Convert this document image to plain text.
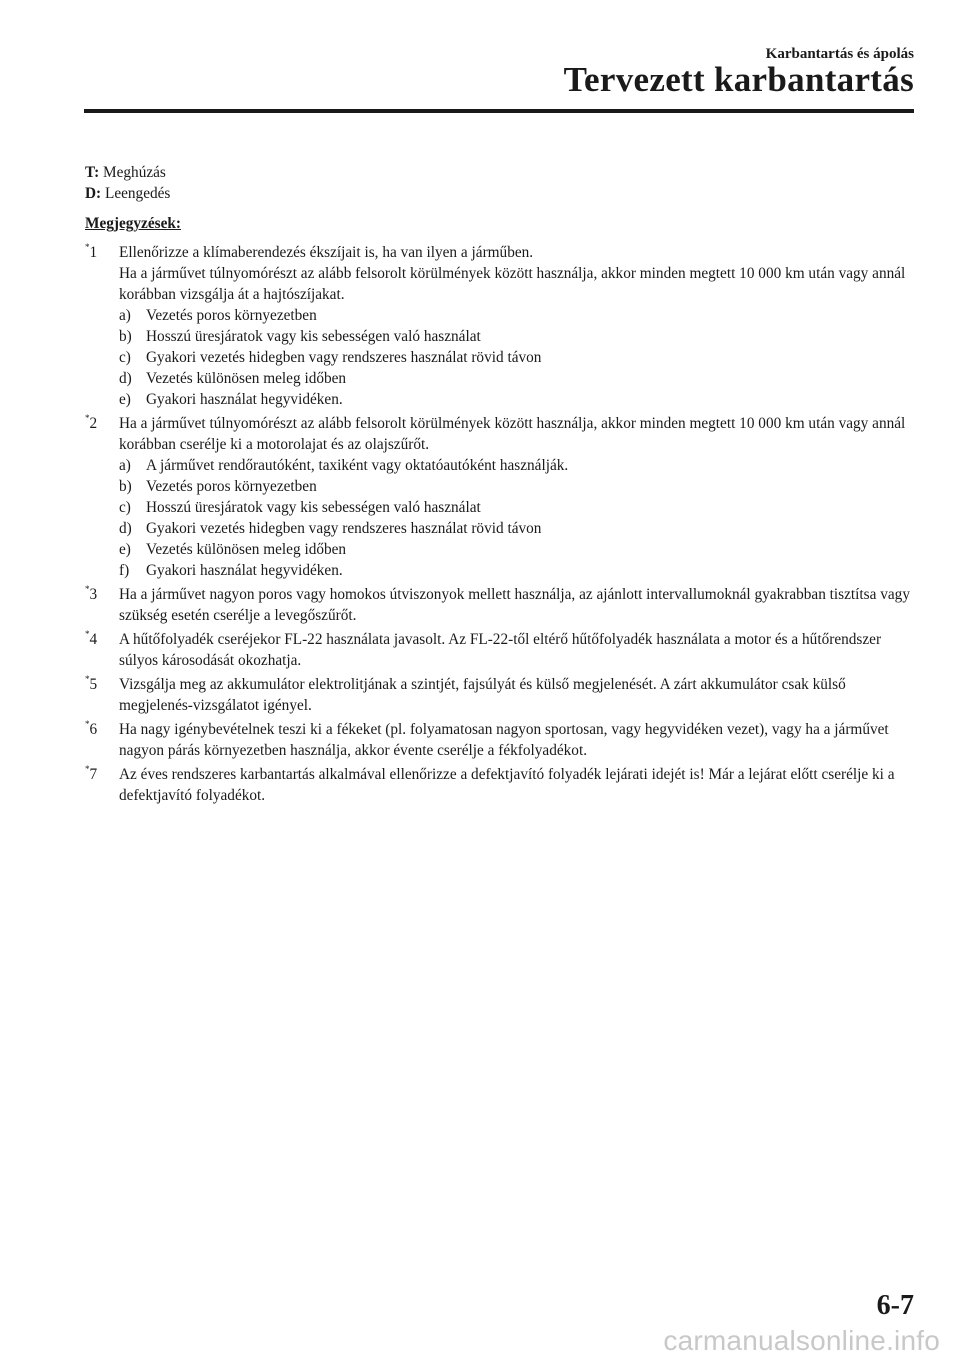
Karbantartás és ápolás
Tervezett karbantartás

T: Meghúzás

D: Leengedés

Megjegyzések:
*1	Ellenőrizze a klímaberendezés ékszíjait is, ha van ilyen a járműben.
Ha a járművet túlnyomórészt az alább felsorolt körülmények között használja, akkor minden megtett 10 000 km után vagy annál korábban vizsgálja át a hajtószíjakat.
a) Vezetés poros környezetben
b) Hosszú üresjáratok vagy kis sebességen való használat
c) Gyakori vezetés hidegben vagy rendszeres használat rövid távon
d) Vezetés különösen meleg időben
e) Gyakori használat hegyvidéken.
*2	Ha a járművet túlnyomórészt az alább felsorolt körülmények között használja, akkor minden megtett 10 000 km után vagy annál korábban cserélje ki a motorolajat és az olajszűrőt.
a) A járművet rendőrautóként, taxiként vagy oktatóautóként használják.
b) Vezetés poros környezetben
c) Hosszú üresjáratok vagy kis sebességen való használat
d) Gyakori vezetés hidegben vagy rendszeres használat rövid távon
e) Vezetés különösen meleg időben
f)	Gyakori használat hegyvidéken.
*3	Ha a járművet nagyon poros vagy homokos útviszonyok mellett használja, az ajánlott intervallumoknál gyakrabban tisztítsa vagy szükség esetén cserélje a levegőszűrőt.
*4	A hűtőfolyadék cseréjekor FL-22 használata javasolt. Az FL-22-től eltérő hűtőfolyadék használata a motor és a hűtőrendszer súlyos károsodását okozhatja.
*5	Vizsgálja meg az akkumulátor elektrolitjának a szintjét, fajsúlyát és külső megjelenését. A zárt akkumulátor csak külső megjelenés-vizsgálatot igényel.
*6	Ha nagy igénybevételnek teszi ki a fékeket (pl. folyamatosan nagyon sportosan, vagy hegyvidéken vezet), vagy ha a járművet nagyon párás környezetben használja, akkor évente cserélje a fékfolyadékot.
*7	Az éves rendszeres karbantartás alkalmával ellenőrizze a defektjavító folyadék lejárati idejét is! Már a lejárat előtt cserélje ki a defektjavító folyadékot.
6-7
carmanualsonline.info
